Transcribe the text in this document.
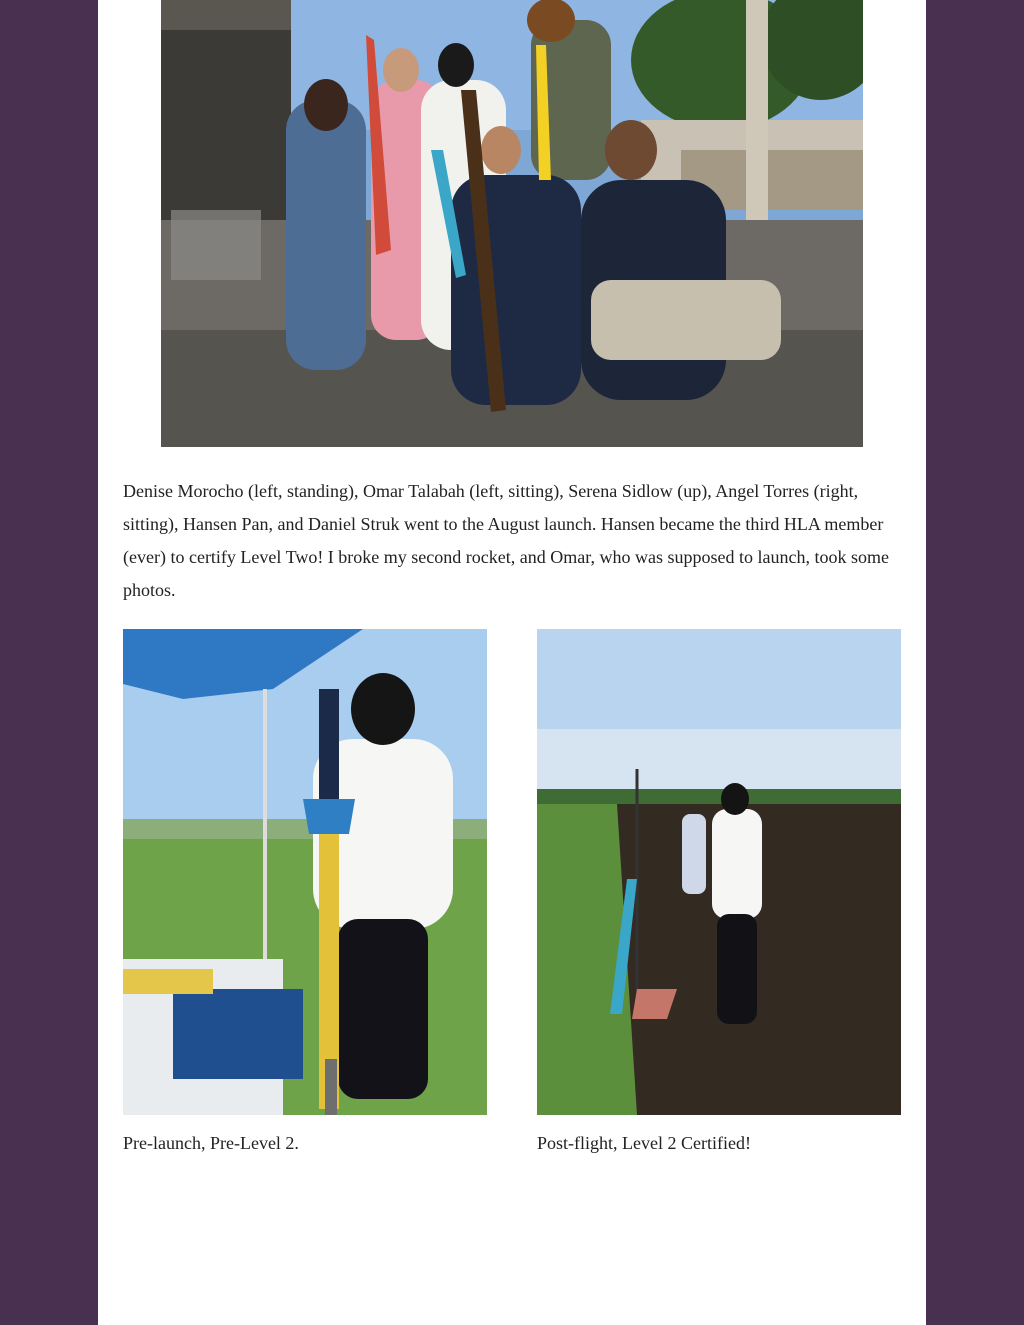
Denise Morocho (left, standing), Omar Talabah (left, sitting), Serena Sidlow (up), Angel Torres (right, sitting), Hansen Pan, and Daniel Struk went to the August launch. Hansen became the third HLA member (ever) to certify Level Two! I broke my second rocket, and Omar, who was supposed to launch, took some photos.

Pre-launch, Pre-Level 2.	Post-flight, Level 2 Certified!
